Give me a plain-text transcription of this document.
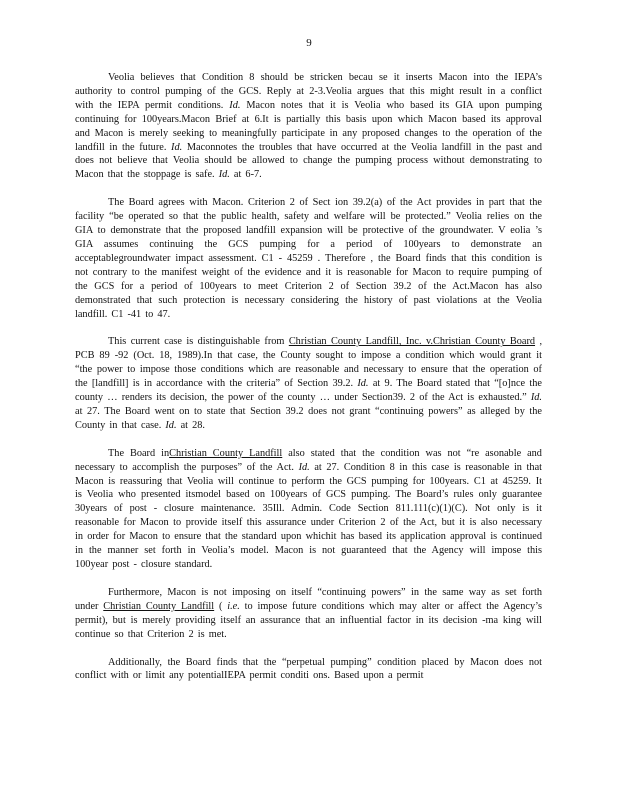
9

Veolia believes that Condition 8 should be stricken becau se it inserts Macon into the IEPA’s authority to control pumping of the GCS. Reply at 2-3.Veolia argues that this might result in a conflict with the IEPA permit conditions. Id. Macon notes that it is Veolia who based its GIA upon pumping continuing for 100years.Macon Brief at 6.It is partially this basis upon which Macon based its approval and Macon is merely seeking to meaningfully participate in any proposed changes to the operation of the landfill in the future. Id. Maconnotes the troubles that have occurred at the Veolia landfill in the past and does not believe that Veolia should be allowed to change the pumping process without demonstrating to Macon that the stoppage is safe. Id. at 6-7.

The Board agrees with Macon. Criterion 2 of Sect ion 39.2(a) of the Act provides in part that the facility “be operated so that the public health, safety and welfare will be protected.” Veolia relies on the GIA to demonstrate that the proposed landfill expansion will be protective of the groundwater. V eolia ’s GIA assumes continuing the GCS pumping for a period of 100years to demonstrate an acceptablegroundwater impact assessment. C1 - 45259 . Therefore , the Board finds that this condition is not contrary to the manifest weight of the evidence and it is reasonable for Macon to require pumping of the GCS for a period of 100years to meet Criterion 2 of Section 39.2 of the Act.Macon has also demonstrated that such protection is necessary considering the history of past violations at the Veolia landfill. C1 -41 to 47.

This current case is distinguishable from Christian County Landfill, Inc. v.Christian County Board , PCB 89 -92 (Oct. 18, 1989).In that case, the County sought to impose a condition which would grant it “the power to impose those conditions which are reasonable and necessary to ensure that the operation of the [landfill] is in accordance with the criteria” of Section 39.2. Id. at 9. The Board stated that “[o]nce the county … renders its decision, the power of the county … under Section39. 2 of the Act is exhausted.” Id. at 27. The Board went on to state that Section 39.2 does not grant “continuing powers” as alleged by the County in that case. Id. at 28.

The Board inChristian County Landfill also stated that the condition was not “re asonable and necessary to accomplish the purposes” of the Act. Id. at 27. Condition 8 in this case is reasonable in that Macon is reassuring that Veolia will continue to perform the GCS pumping for 100years. C1 at 45259. It is Veolia who presented itsmodel based on 100years of GCS pumping. The Board’s rules only guarantee 30years of post - closure maintenance. 35Ill. Admin. Code Section 811.111(c)(1)(C). Not only is it reasonable for Macon to provide itself this assurance under Criterion 2 of the Act, but it is also necessary in order for Macon to ensure that the standard upon whichit has based its application approval is continued in the manner set forth in Veolia’s model. Macon is not guaranteed that the Agency will impose this 100year post - closure standard.

Furthermore, Macon is not imposing on itself “continuing powers” in the same way as set forth under Christian County Landfill ( i.e. to impose future conditions which may alter or affect the Agency’s permit), but is merely providing itself an assurance that an influential factor in its decision -ma king will continue so that Criterion 2 is met.

Additionally, the Board finds that the “perpetual pumping” condition placed by Macon does not conflict with or limit any potentialIEPA permit conditi ons. Based upon a permit
